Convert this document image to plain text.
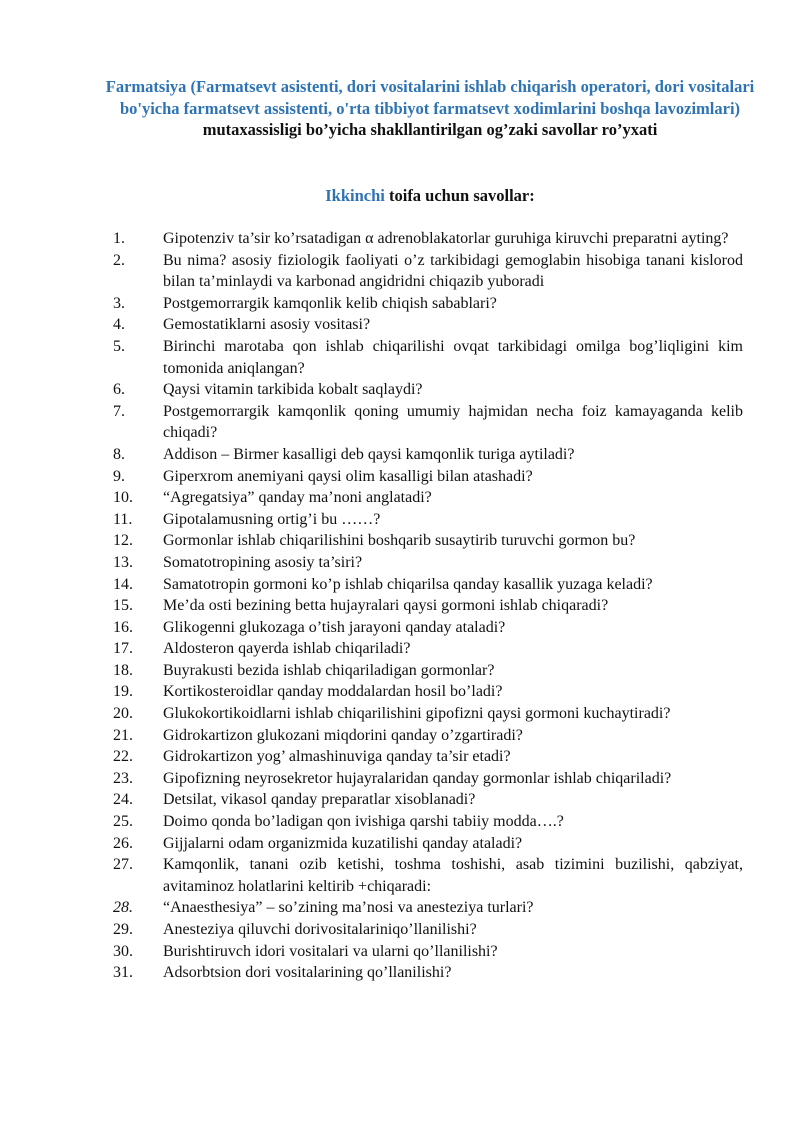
Farmatsiya (Farmatsevt asistenti, dori vositalarini ishlab chiqarish operatori, dori vositalari bo'yicha farmatsevt assistenti, o'rta tibbiyot farmatsevt xodimlarini boshqa lavozimlari) mutaxassisligi bo’yicha shakllantirilgan og’zaki savollar ro’yxati
Ikkinchi toifa uchun savollar:
1.	Gipotenziv ta’sir ko’rsatadigan α adrenoblakatorlar guruhiga kiruvchi preparatni ayting?
2.	Bu nima? asosiy fiziologik faoliyati o’z tarkibidagi gemoglabin hisobiga tanani kislorod bilan ta’minlaydi va karbonad angidridni chiqazib yuboradi
3.	Postgemorrargik kamqonlik kelib chiqish sabablari?
4.	Gemostatiklarni asosiy vositasi?
5.	Birinchi marotaba qon ishlab chiqarilishi ovqat tarkibidagi omilga bog’liqligini kim tomonida aniqlangan?
6.	Qaysi vitamin tarkibida kobalt saqlaydi?
7.	Postgemorrargik kamqonlik qoning umumiy hajmidan necha foiz kamayaganda kelib chiqadi?
8.	Addison – Birmer kasalligi deb qaysi kamqonlik turiga aytiladi?
9.	Giperxrom anemiyani qaysi olim kasalligi bilan atashadi?
10.	“Agregatsiya” qanday ma’noni anglatadi?
11.	Gipotalamusning ortig’i bu ……?
12.	Gormonlar ishlab chiqarilishini boshqarib susaytirib turuvchi gormon bu?
13.	Somatotropining asosiy ta’siri?
14.	Samatotropin gormoni ko’p ishlab chiqarilsa qanday kasallik yuzaga keladi?
15.	Me’da osti bezining betta hujayralari qaysi gormoni ishlab chiqaradi?
16.	Glikogenni glukozaga o’tish jarayoni qanday ataladi?
17.	Aldosteron qayerda ishlab chiqariladi?
18.	Buyrakusti bezida ishlab chiqariladigan gormonlar?
19.	Kortikosteroidlar qanday moddalardan hosil bo’ladi?
20.	Glukokortikoidlarni ishlab chiqarilishini gipofizni qaysi gormoni kuchaytiradi?
21.	Gidrokartizon glukozani miqdorini qanday o’zgartiradi?
22.	Gidrokartizon yog’ almashinuviga qanday ta’sir etadi?
23.	Gipofizning neyrosekretor hujayralaridan qanday gormonlar ishlab chiqariladi?
24.	Detsilat, vikasol qanday preparatlar xisoblanadi?
25.	Doimo qonda bo’ladigan qon ivishiga qarshi tabiiy modda….?
26.	Gijjalarni odam organizmida kuzatilishi qanday ataladi?
27.	Kamqonlik, tanani ozib ketishi, toshma toshishi, asab tizimini buzilishi, qabziyat, avitaminoz holatlarini keltirib +chiqaradi:
28.	“Anaesthesiya” – so’zining ma’nosi va anesteziya turlari?
29.	Anesteziya qiluvchi dorivositalariniqo’llanilishi?
30.	Burishtiruvch idori vositalari va ularni qo’llanilishi?
31.	Adsorbtsion dori vositalarining qo’llanilishi?
